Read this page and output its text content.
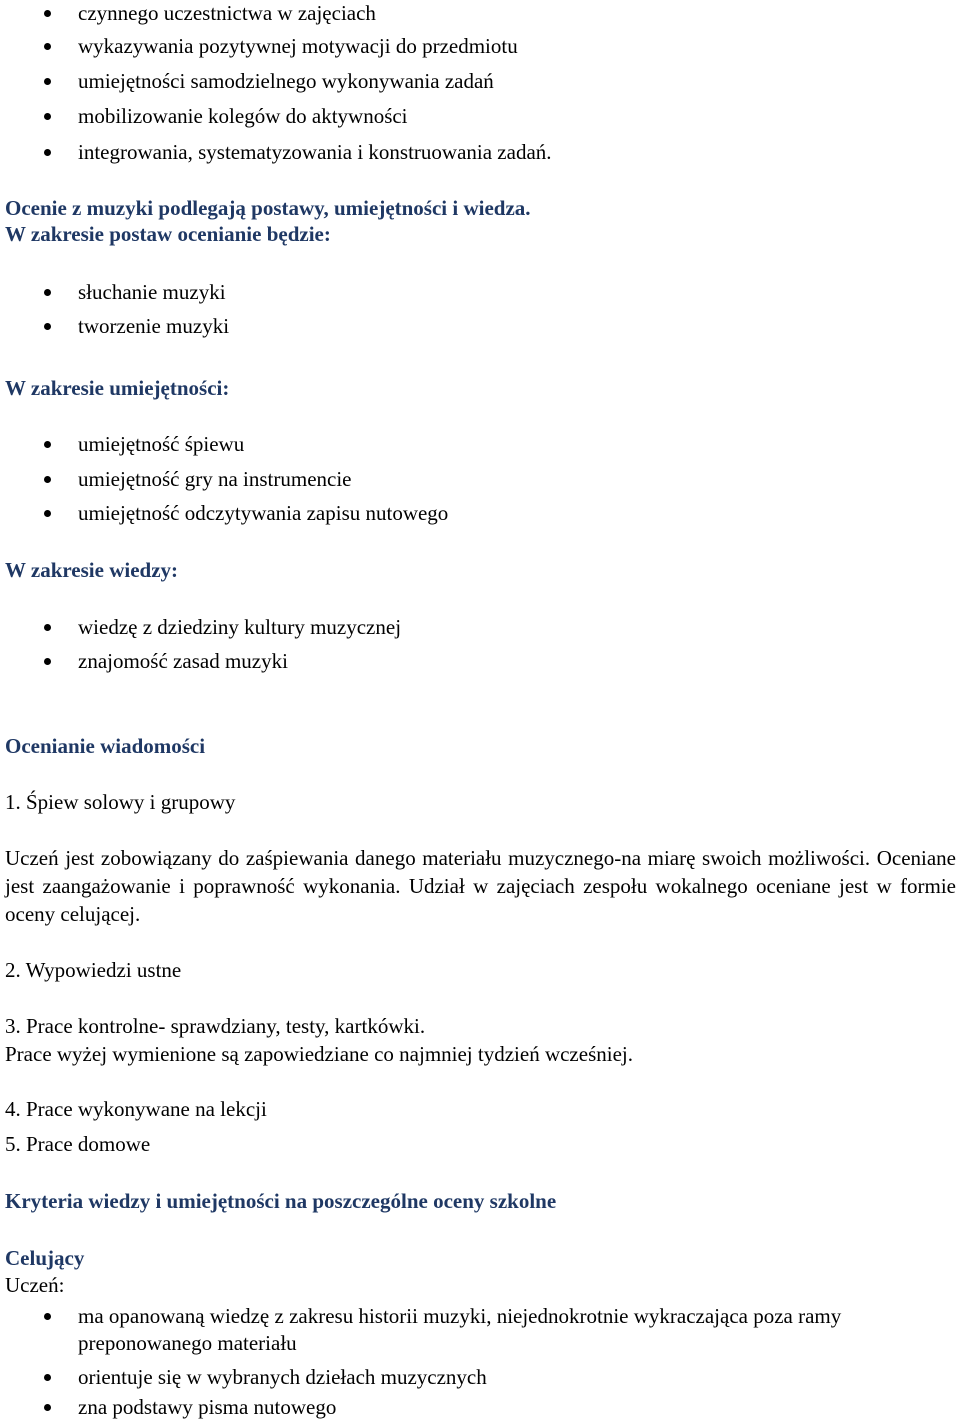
czynnego uczestnictwa w zajęciach
wykazywania pozytywnej motywacji do przedmiotu
umiejętności samodzielnego wykonywania zadań
mobilizowanie kolegów do aktywności
integrowania, systematyzowania i konstruowania zadań.
Ocenie z muzyki podlegają postawy, umiejętności i wiedza.
W zakresie postaw ocenianie będzie:
słuchanie muzyki
tworzenie muzyki
W zakresie umiejętności:
umiejętność śpiewu
umiejętność gry na instrumencie
umiejętność odczytywania zapisu nutowego
W zakresie wiedzy:
wiedzę z dziedziny kultury muzycznej
znajomość zasad muzyki
Ocenianie wiadomości
1. Śpiew solowy i grupowy
Uczeń jest zobowiązany do zaśpiewania danego materiału muzycznego-na miarę swoich możliwości. Oceniane jest zaangażowanie i poprawność wykonania. Udział w zajęciach zespołu wokalnego oceniane jest w formie oceny celującej.
2. Wypowiedzi ustne
3. Prace kontrolne- sprawdziany, testy, kartkówki.
Prace wyżej wymienione są zapowiedziane co najmniej tydzień wcześniej.
4. Prace wykonywane na lekcji
5. Prace domowe
Kryteria wiedzy i umiejętności na poszczególne oceny szkolne
Celujący
Uczeń:
ma opanowaną wiedzę z zakresu historii muzyki, niejednokrotnie wykraczająca poza ramy preponowanego materiału
orientuje się w wybranych dziełach muzycznych
zna podstawy pisma nutowego
